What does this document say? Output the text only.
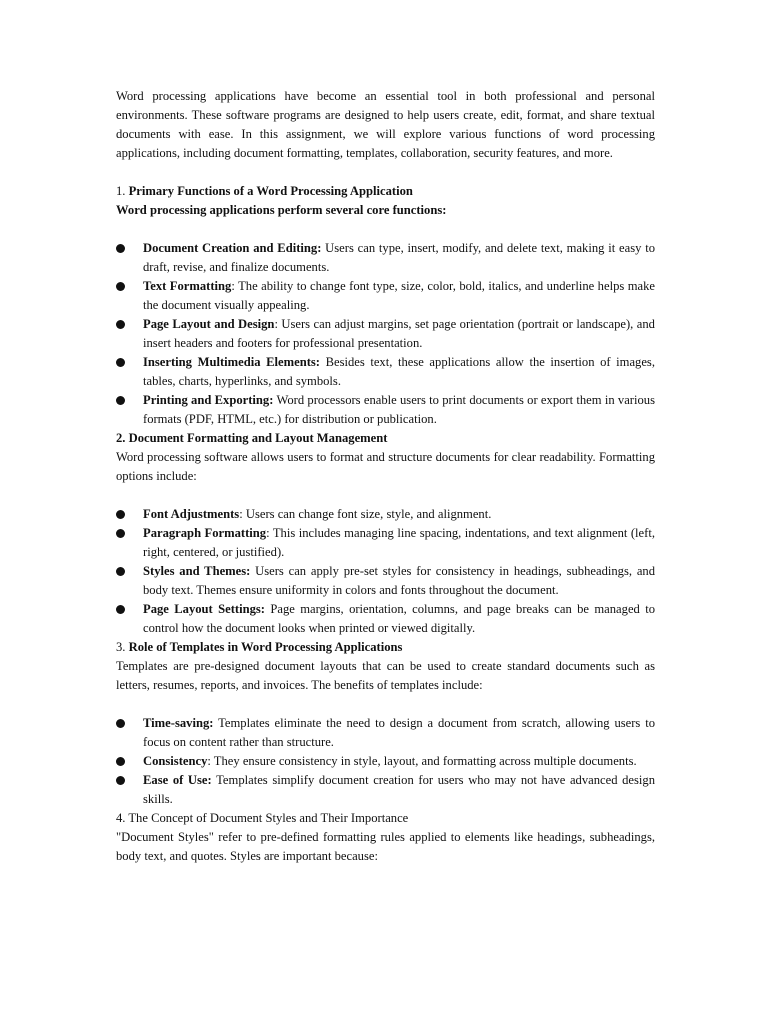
Word processing applications have become an essential tool in both professional and personal environments. These software programs are designed to help users create, edit, format, and share textual documents with ease. In this assignment, we will explore various functions of word processing applications, including document formatting, templates, collaboration, security features, and more.

1. Primary Functions of a Word Processing Application

Word processing applications perform several core functions:

Document Creation and Editing: Users can type, insert, modify, and delete text, making it easy to draft, revise, and finalize documents.
Text Formatting: The ability to change font type, size, color, bold, italics, and underline helps make the document visually appealing.
Page Layout and Design: Users can adjust margins, set page orientation (portrait or landscape), and insert headers and footers for professional presentation.
Inserting Multimedia Elements: Besides text, these applications allow the insertion of images, tables, charts, hyperlinks, and symbols.
Printing and Exporting: Word processors enable users to print documents or export them in various formats (PDF, HTML, etc.) for distribution or publication.

2. Document Formatting and Layout Management

Word processing software allows users to format and structure documents for clear readability. Formatting options include:

Font Adjustments: Users can change font size, style, and alignment.
Paragraph Formatting: This includes managing line spacing, indentations, and text alignment (left, right, centered, or justified).
Styles and Themes: Users can apply pre-set styles for consistency in headings, subheadings, and body text. Themes ensure uniformity in colors and fonts throughout the document.
Page Layout Settings: Page margins, orientation, columns, and page breaks can be managed to control how the document looks when printed or viewed digitally.

3. Role of Templates in Word Processing Applications

Templates are pre-designed document layouts that can be used to create standard documents such as letters, resumes, reports, and invoices. The benefits of templates include:

Time-saving: Templates eliminate the need to design a document from scratch, allowing users to focus on content rather than structure.
Consistency: They ensure consistency in style, layout, and formatting across multiple documents.
Ease of Use: Templates simplify document creation for users who may not have advanced design skills.

4. The Concept of Document Styles and Their Importance

"Document Styles" refer to pre-defined formatting rules applied to elements like headings, subheadings, body text, and quotes. Styles are important because:
